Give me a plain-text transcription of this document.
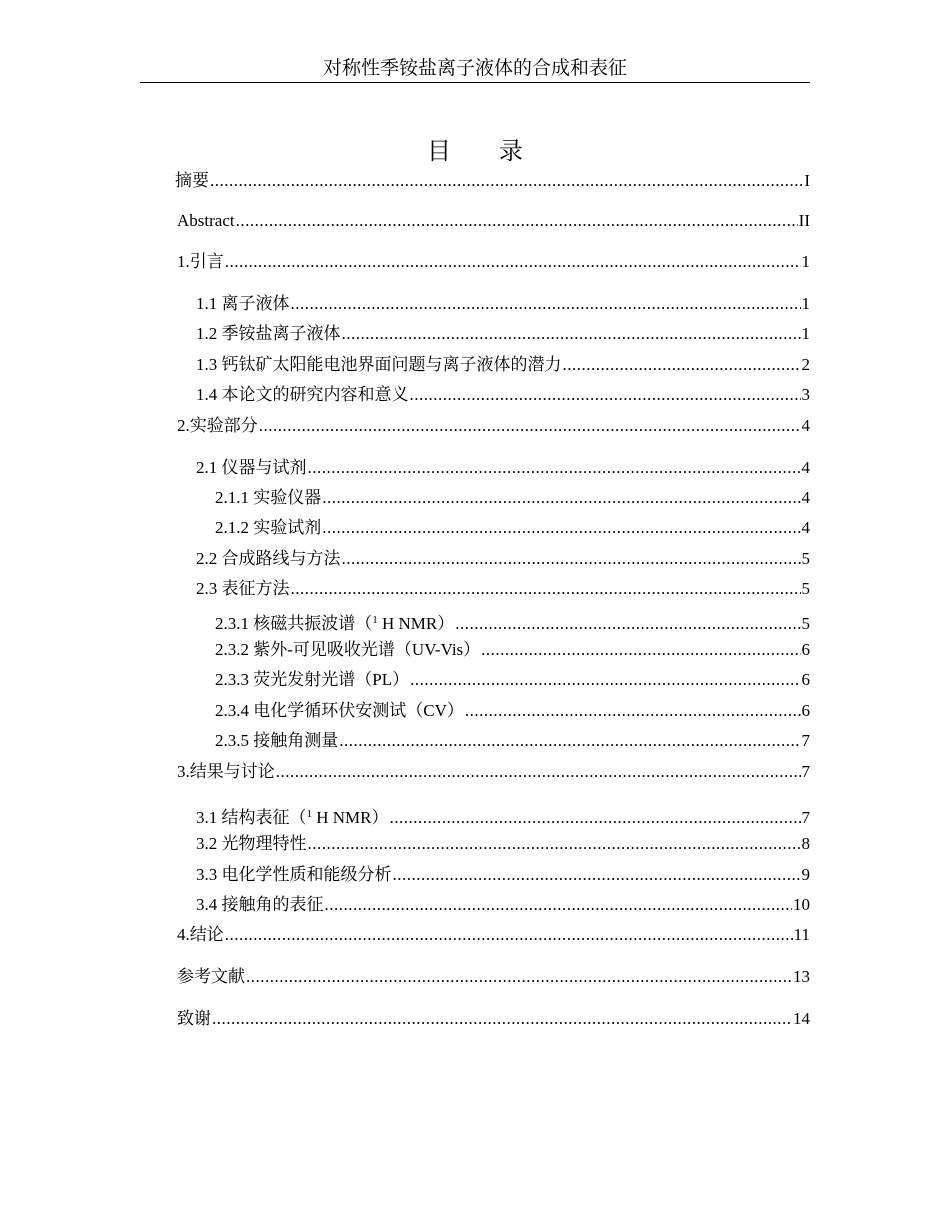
对称性季铵盐离子液体的合成和表征
目 录
摘要 .....	I
Abstract .....	II
1.引言 .....	1
1.1 离子液体 .....	1
1.2 季铵盐离子液体 .....	1
1.3 钙钛矿太阳能电池界面问题与离子液体的潜力 .....	2
1.4 本论文的研究内容和意义 .....	3
2.实验部分 .....	4
2.1 仪器与试剂 .....	4
2.1.1 实验仪器 .....	4
2.1.2 实验试剂 .....	4
2.2 合成路线与方法 .....	5
2.3 表征方法 .....	5
2.3.1 核磁共振波谱（$^1$ H NMR） .....	5
2.3.2 紫外-可见吸收光谱（UV-Vis） .....	6
2.3.3 荧光发射光谱（PL） .....	6
2.3.4 电化学循环伏安测试（CV） .....	6
2.3.5 接触角测量 .....	7
3.结果与讨论 .....	7
3.1 结构表征（$^1$ H NMR） .....	7
3.2 光物理特性 .....	8
3.3 电化学性质和能级分析 .....	9
3.4 接触角的表征 .....	10
4.结论 .....	11
参考文献 .....	13
致谢 .....	14
